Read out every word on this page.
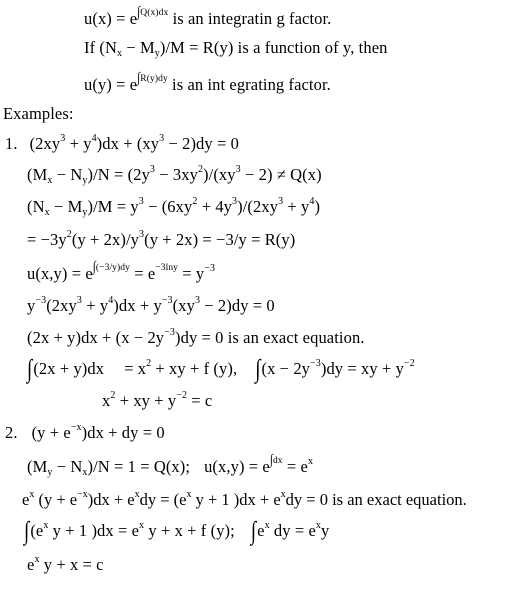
$u(x) = e^{\int Q(x)dx}$ is an integratin g factor.
If $(N_x - M_y)/M = R(y)$ is a function of y, then
$u(y) = e^{\int R(y)dy}$ is an int egrating factor.
Examples:
1. $(2xy^3 + y^4)dx + (xy^3 - 2)dy = 0$
$(M_x - N_y)/N = (2y^3 - 3xy^2)/(xy^3 - 2) \ne Q(x)$
$(N_x - M_y)/M = y^3 - (6xy^2 + 4y^3)/(2xy^3 + y^4)$
= $-3y^2(y + 2x)/y^3(y + 2x) = -3/y = R(y)$
$u(x,y) = e^{\int(-3/y)dy} = e^{-3lny} = y^{-3}$
$y^{-3}(2xy^3 + y^4)dx + y^{-3}(xy^3 - 2)dy = 0$
$(2x + y)dx + (x - 2y^{-3})dy = 0$ is an exact equation.
$\int(2x + y)dx = x^2$ + xy + f (y), $\int(x - 2y^{-3})dy$ = xy + $y^{-2}$
$x^2$ + xy + $y^{-2} = c$
2. $(y + e^{-x})dx$ + dy = 0
$(M_y - N_x)/N = 1 = Q(x)$; $u(x,y) = e^{\int dx} = e^x$
$e^x$ $(y + e^{-x})dx + e^xdy = (e^x$ y + 1 )$dx + e^xdy = 0$ is an exact equation.
$\int(e^x$ y + 1 )$dx = e^x$ y + x + f (y); $\int e^x$ dy = $e^xy$
$e^x$ y + x = c
